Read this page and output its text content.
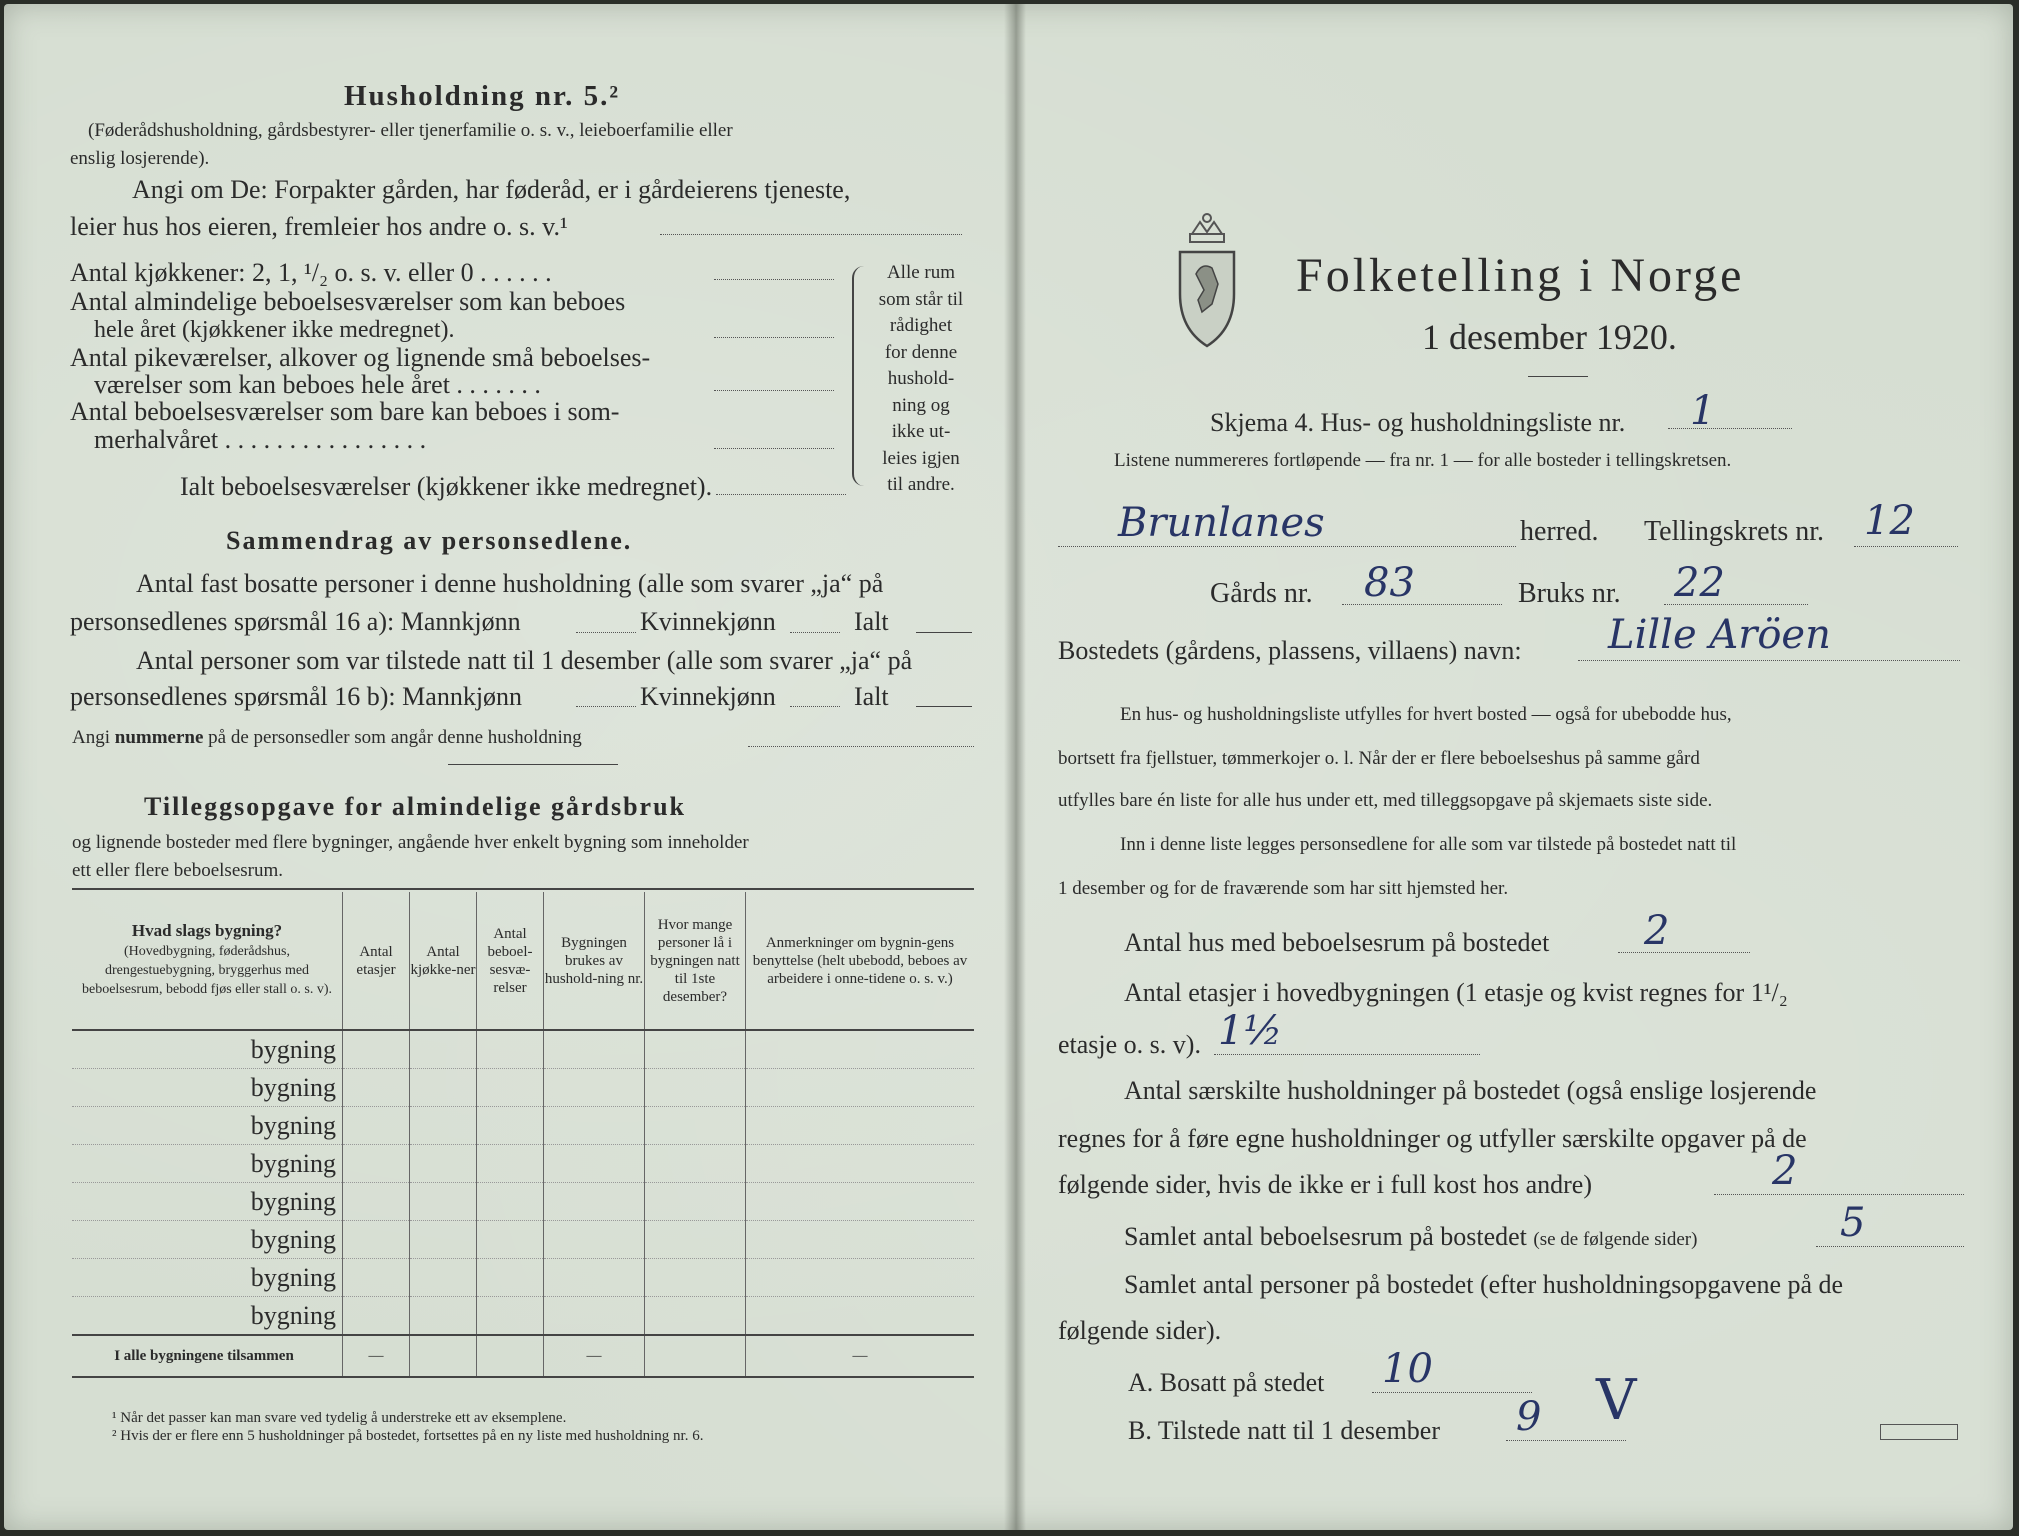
Husholdning nr. 5.²
(Føderådshusholdning, gårdsbestyrer- eller tjenerfamilie o. s. v., leieboerfamilie eller
enslig losjerende).
Angi om De: Forpakter gården, har føderåd, er i gårdeierens tjeneste,
leier hus hos eieren, fremleier hos andre o. s. v.¹
Antal kjøkkener: 2, 1, ¹/₂ o. s. v. eller 0 . . . . . .
Antal almindelige beboelsesværelser som kan beboes
hele året (kjøkkener ikke medregnet).
Antal pikeværelser, alkover og lignende små beboelses-
værelser som kan beboes hele året . . . . . . .
Antal beboelsesværelser som bare kan beboes i som-
merhalvåret . . . . . . . . . . . . . . . .
Alle rum
som står til
rådighet
for denne
hushold-
ning og
ikke ut-
leies igjen
til andre.
Ialt beboelsesværelser (kjøkkener ikke medregnet).
Sammendrag av personsedlene.
Antal fast bosatte personer i denne husholdning (alle som svarer „ja“ på
personsedlenes spørsmål 16 a): Mannkjønn	Kvinnekjønn	Ialt
Antal personer som var tilstede natt til 1 desember (alle som svarer „ja“ på
personsedlenes spørsmål 16 b): Mannkjønn	Kvinnekjønn	Ialt
Angi nummerne på de personsedler som angår denne husholdning
Tilleggsopgave for almindelige gårdsbruk
og lignende bosteder med flere bygninger, angående hver enkelt bygning som inneholder
ett eller flere beboelsesrum.
Hvad slags bygning?
(Hovedbygning, føderådshus, drengestuebygning, bryggerhus med beboelsesrum, bebodd fjøs eller stall o. s. v).	Antal etasjer	Antal kjøkke-ner	Antal beboel-sesvæ-relser	Bygningen brukes av hushold-ning nr.	Hvor mange personer lå i bygningen natt til 1ste desember?	Anmerkninger om bygnin-gens benyttelse (helt ubebodd, beboes av arbeidere i onne-tidene o. s. v.)
bygning						
bygning						
bygning						
bygning						
bygning						
bygning						
bygning						
bygning						
I alle bygningene tilsammen	—			—		—
¹ Når det passer kan man svare ved tydelig å understreke ett av eksemplene.
² Hvis der er flere enn 5 husholdninger på bostedet, fortsettes på en ny liste med husholdning nr. 6.
Folketelling i Norge
1 desember 1920.
Skjema 4. Hus- og husholdningsliste nr. 1
Listene nummereres fortløpende — fra nr. 1 — for alle bosteder i tellingskretsen.
Brunlanes	herred. Tellingskrets nr. 12
Gårds nr. 83	Bruks nr. 22
Bostedets (gårdens, plassens, villaens) navn: Lille Aröen
En hus- og husholdningsliste utfylles for hvert bosted — også for ubebodde hus,
bortsett fra fjellstuer, tømmerkojer o. l. Når der er flere beboelseshus på samme gård
utfylles bare én liste for alle hus under ett, med tilleggsopgave på skjemaets siste side.
Inn i denne liste legges personsedlene for alle som var tilstede på bostedet natt til
1 desember og for de fraværende som har sitt hjemsted her.
Antal hus med beboelsesrum på bostedet 2
Antal etasjer i hovedbygningen (1 etasje og kvist regnes for 1¹/₂
etasje o. s. v). 1½
Antal særskilte husholdninger på bostedet (også enslige losjerende
regnes for å føre egne husholdninger og utfyller særskilte opgaver på de
følgende sider, hvis de ikke er i full kost hos andre)	2
Samlet antal beboelsesrum på bostedet (se de følgende sider)	5
Samlet antal personer på bostedet (efter husholdningsopgavene på de
følgende sider).
A. Bosatt på stedet 10
B. Tilstede natt til 1 desember 9 V
